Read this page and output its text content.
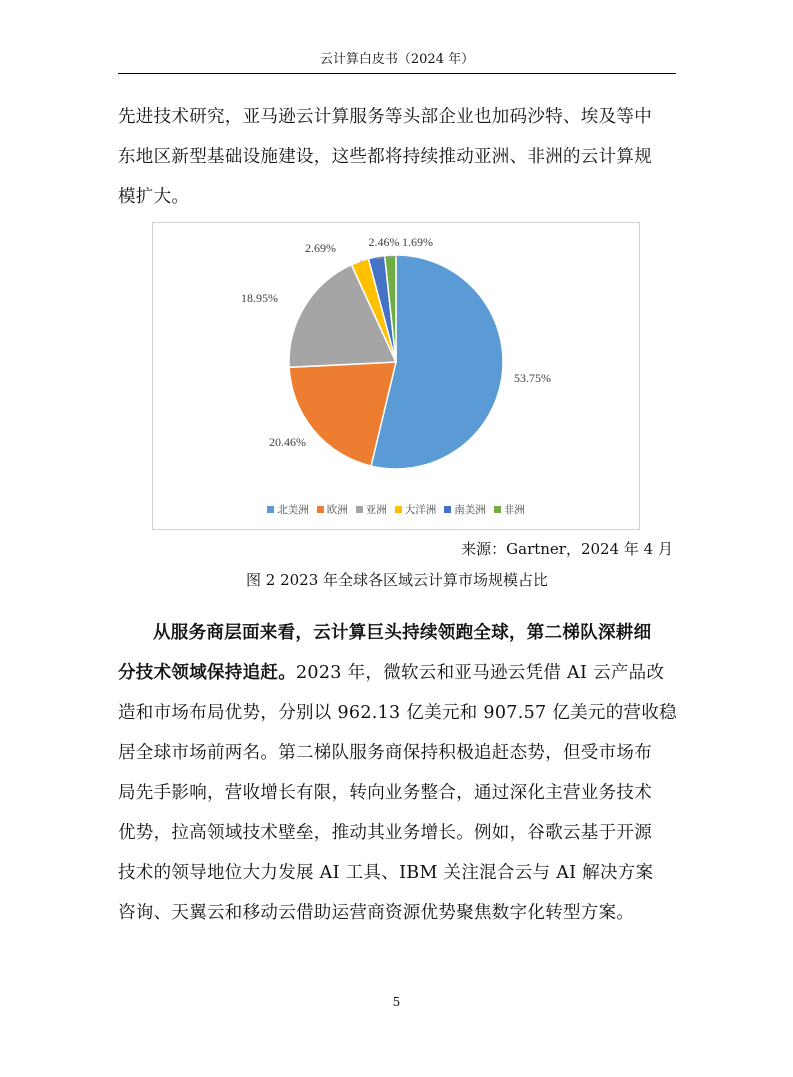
云计算白皮书（2024 年）

先进技术研究，亚马逊云计算服务等头部企业也加码沙特、埃及等中

东地区新型基础设施建设，这些都将持续推动亚洲、非洲的云计算规

模扩大。

53.75%
20.46%
18.95%
2.69%	2.46% 1.69%
北美洲 欧洲 亚洲 大洋洲 南美洲 非洲
来源：Gartner，2024 年 4 月
图 2 2023 年全球各区域云计算市场规模占比

从服务商层面来看，云计算巨头持续领跑全球，第二梯队深耕细

分技术领域保持追赶。2023 年，微软云和亚马逊云凭借 AI 云产品改

造和市场布局优势，分别以 962.13 亿美元和 907.57 亿美元的营收稳

居全球市场前两名。第二梯队服务商保持积极追赶态势，但受市场布

局先手影响，营收增长有限，转向业务整合，通过深化主营业务技术

优势，拉高领域技术壁垒，推动其业务增长。例如，谷歌云基于开源

技术的领导地位大力发展 AI 工具、IBM 关注混合云与 AI 解决方案

咨询、天翼云和移动云借助运营商资源优势聚焦数字化转型方案。

5
